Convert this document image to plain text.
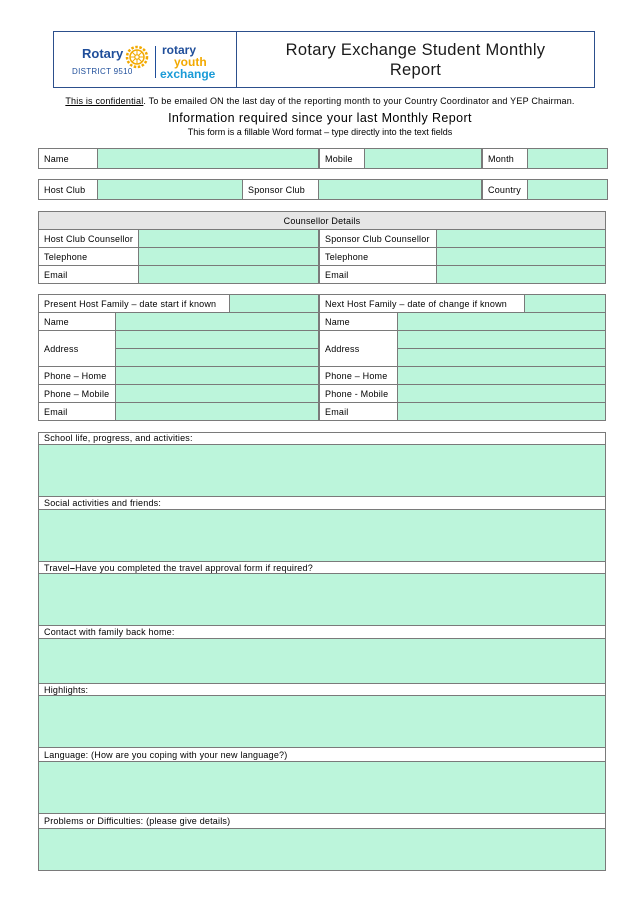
Rotary
DISTRICT 9510
rotary
youth
exchange
Rotary Exchange Student Monthly
Report
This is confidential. To be emailed ON the last day of the reporting month to your Country Coordinator and YEP Chairman.
Information required since your last Monthly Report
This form is a fillable Word format – type directly into the text fields
Name	Mobile	Month
Host Club	Sponsor Club	Country
Counsellor Details
Host Club Counsellor	Sponsor Club Counsellor
Telephone	Telephone
Email	Email
Present Host Family – date start if known	Next Host Family – date of change if known
Name	Name
Address	Address
Phone – Home	Phone – Home
Phone – Mobile	Phone - Mobile
Email	Email
School life, progress, and activities:
Social activities and friends:
Travel – Have you completed the travel approval form if required?
Contact with family back home:
Highlights:
Language: (How are you coping with your new language?)
Problems or Difficulties: (please give details)
